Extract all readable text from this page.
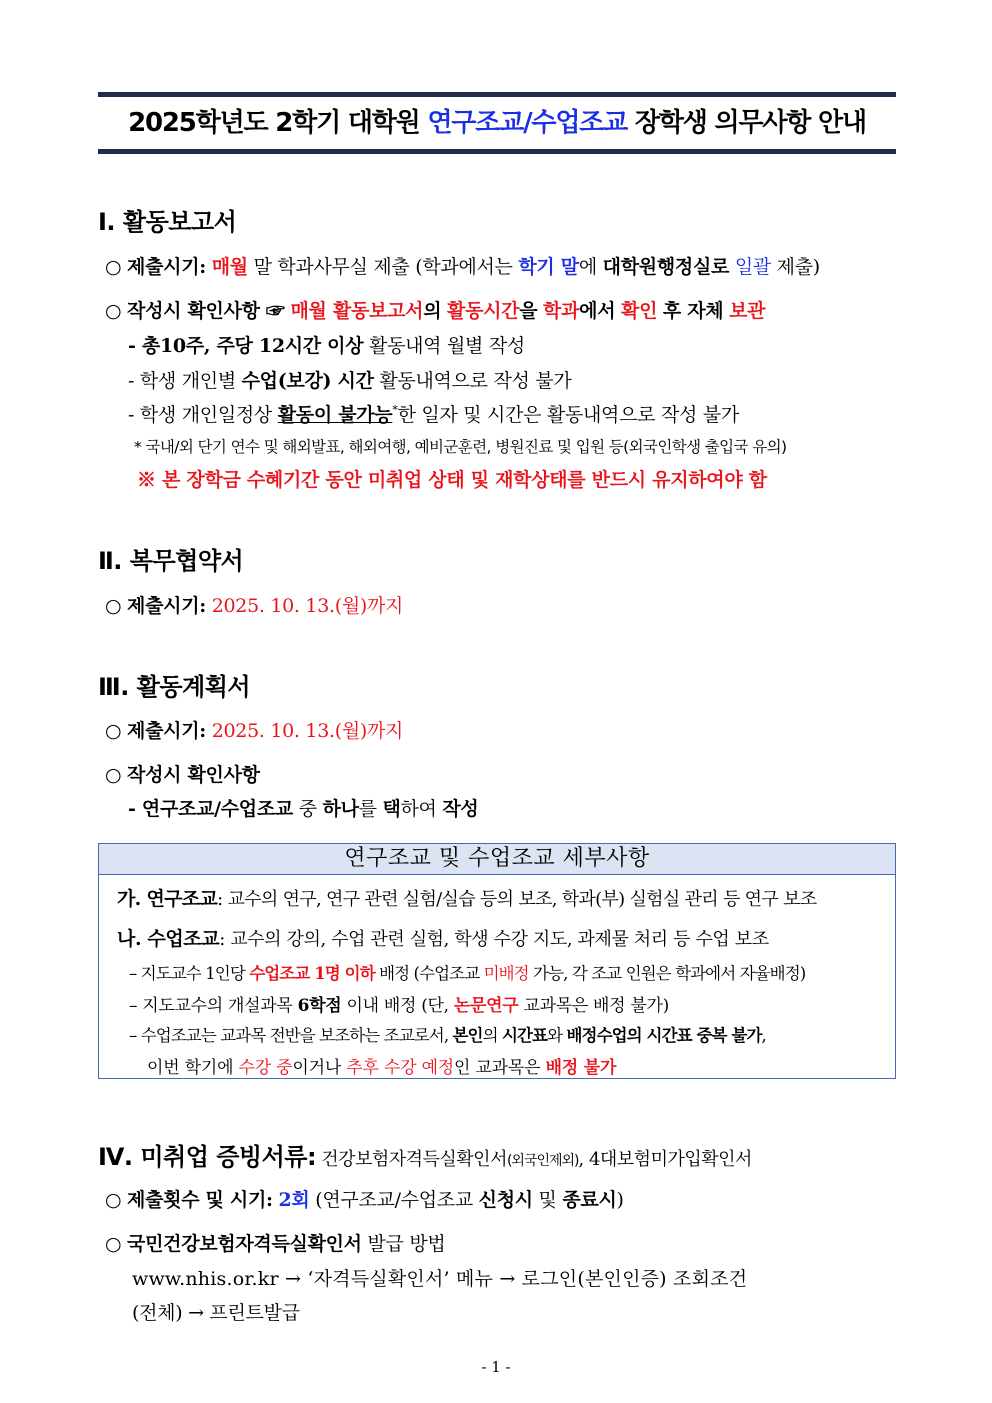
2025학년도 2학기 대학원 연구조교/수업조교 장학생 의무사항 안내
Ⅰ. 활동보고서
○ 제출시기: 매월 말 학과사무실 제출 (학과에서는 학기 말에 대학원행정실로 일괄 제출)
○ 작성시 확인사항 ☞ 매월 활동보고서의 활동시간을 학과에서 확인 후 자체 보관
- 총10주, 주당 12시간 이상 활동내역 월별 작성
- 학생 개인별 수업(보강) 시간 활동내역으로 작성 불가
- 학생 개인일정상 활동이 불가능*한 일자 및 시간은 활동내역으로 작성 불가
* 국내/외 단기 연수 및 해외발표, 해외여행, 예비군훈련, 병원진료 및 입원 등(외국인학생 출입국 유의)
※ 본 장학금 수혜기간 동안 미취업 상태 및 재학상태를 반드시 유지하여야 함
Ⅱ. 복무협약서
○ 제출시기: 2025. 10. 13.(월)까지
Ⅲ. 활동계획서
○ 제출시기: 2025. 10. 13.(월)까지
○ 작성시 확인사항
- 연구조교/수업조교 중 하나를 택하여 작성
연구조교 및 수업조교 세부사항
가. 연구조교: 교수의 연구, 연구 관련 실험/실습 등의 보조, 학과(부) 실험실 관리 등 연구 보조
나. 수업조교: 교수의 강의, 수업 관련 실험, 학생 수강 지도, 과제물 처리 등 수업 보조
– 지도교수 1인당 수업조교 1명 이하 배정 (수업조교 미배정 가능, 각 조교 인원은 학과에서 자율배정)
– 지도교수의 개설과목 6학점 이내 배정 (단, 논문연구 교과목은 배정 불가)
– 수업조교는 교과목 전반을 보조하는 조교로서, 본인의 시간표와 배정수업의 시간표 중복 불가,
이번 학기에 수강 중이거나 추후 수강 예정인 교과목은 배정 불가
Ⅳ. 미취업 증빙서류: 건강보험자격득실확인서(외국인제외), 4대보험미가입확인서
○ 제출횟수 및 시기: 2회 (연구조교/수업조교 신청시 및 종료시)
○ 국민건강보험자격득실확인서 발급 방법
www.nhis.or.kr → ‘자격득실확인서’ 메뉴 → 로그인(본인인증) 조회조건
(전체) → 프린트발급
- 1 -
